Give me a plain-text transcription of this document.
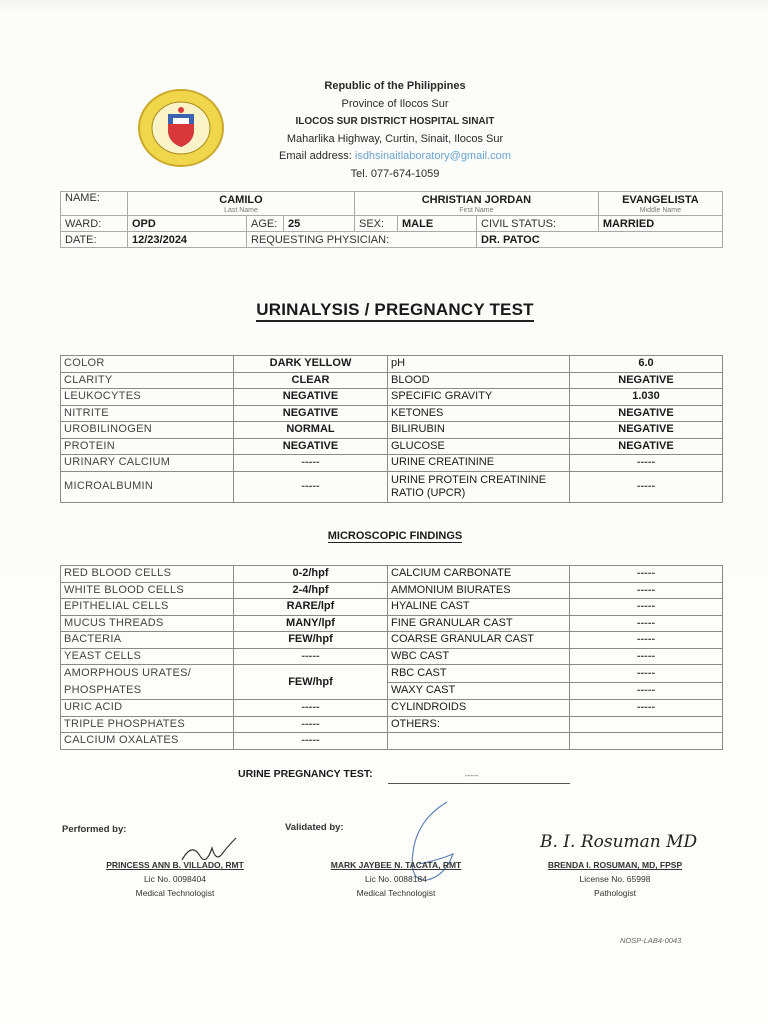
Republic of the Philippines
Province of Ilocos Sur
ILOCOS SUR DISTRICT HOSPITAL SINAIT
Maharlika Highway, Curtin, Sinait, Ilocos Sur
Email address: isdhsinaitlaboratory@gmail.com
Tel. 077-674-1059
NAME:	CAMILO			CHRISTIAN JORDAN			EVANGELISTA
	Last Name			First Name			Middle Name
WARD:	OPD	AGE:	25	SEX:	MALE	CIVIL STATUS:	MARRIED
DATE:	12/23/2024	REQUESTING PHYSICIAN:				DR. PATOC	
URINALYSIS / PREGNANCY TEST
COLOR	DARK YELLOW	pH	6.0
CLARITY	CLEAR	BLOOD	NEGATIVE
LEUKOCYTES	NEGATIVE	SPECIFIC GRAVITY	1.030
NITRITE	NEGATIVE	KETONES	NEGATIVE
UROBILINOGEN	NORMAL	BILIRUBIN	NEGATIVE
PROTEIN	NEGATIVE	GLUCOSE	NEGATIVE
URINARY CALCIUM	-----	URINE CREATININE	-----
MICROALBUMIN	-----	URINE PROTEIN CREATININE RATIO (UPCR)	-----
MICROSCOPIC FINDINGS
RED BLOOD CELLS	0-2/hpf	CALCIUM CARBONATE	-----
WHITE BLOOD CELLS	2-4/hpf	AMMONIUM BIURATES	-----
EPITHELIAL CELLS	RARE/lpf	HYALINE CAST	-----
MUCUS THREADS	MANY/lpf	FINE GRANULAR CAST	-----
BACTERIA	FEW/hpf	COARSE GRANULAR CAST	-----
YEAST CELLS	-----	WBC CAST	-----
AMORPHOUS URATES/ PHOSPHATES	FEW/hpf	RBC CAST	-----
		WAXY CAST	-----
URIC ACID	-----	CYLINDROIDS	-----
TRIPLE PHOSPHATES	-----	OTHERS:	
CALCIUM OXALATES	-----		
URINE PREGNANCY TEST:	-----
Performed by:	Validated by:
PRINCESS ANN B. VILLADO, RMT
Lic No. 0098404
Medical Technologist
MARK JAYBEE N. TACATA, RMT
Lic No. 0088184
Medical Technologist
B. I. Rosuman MD
BRENDA I. ROSUMAN, MD, FPSP
License No. 65998
Pathologist
NOSP-LAB4-0043
